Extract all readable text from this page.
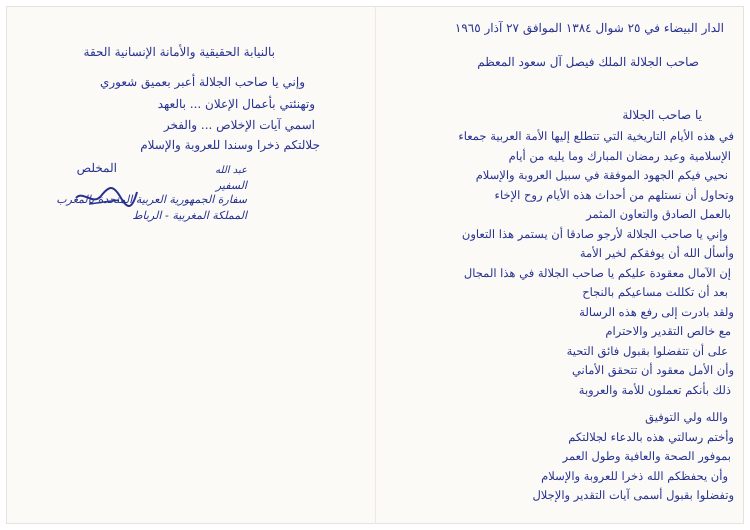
بالنيابة الحقيقية والأمانة الإنسانية الحقة
وإني يا صاحب الجلالة أعبر بعميق شعوري
وتهنئتي بأعمال الإعلان ... بالعهد
اسمي آيات الإخلاص ... والفخر
جلالتكم ذخرا وسندا للعروبة والإسلام
المخلص	عبد الله
السفير
سفارة الجمهورية العربية المتحدة بالمغرب
المملكة المغربية - الرباط
الدار البيضاء في ٢٥ شوال ١٣٨٤ الموافق ٢٧ آذار ١٩٦٥
صاحب الجلالة الملك فيصل آل سعود المعظم
يا صاحب الجلالة
في هذه الأيام التاريخية التي تتطلع إليها الأمة العربية جمعاء
الإسلامية وعيد رمضان المبارك وما يليه من أيام
نحيي فيكم الجهود الموفقة في سبيل العروبة والإسلام
وتحاول أن نستلهم من أحداث هذه الأيام روح الإخاء
بالعمل الصادق والتعاون المثمر
وإني يا صاحب الجلالة لأرجو صادقا أن يستمر هذا التعاون
وأسأل الله أن يوفقكم لخير الأمة
إن الآمال معقودة عليكم يا صاحب الجلالة في هذا المجال
بعد أن تكللت مساعيكم بالنجاح
ولقد بادرت إلى رفع هذه الرسالة
مع خالص التقدير والاحترام
على أن تتفضلوا بقبول فائق التحية
وأن الأمل معقود أن تتحقق الأماني
ذلك بأنكم تعملون للأمة والعروبة
والله ولي التوفيق
وأختم رسالتي هذه بالدعاء لجلالتكم
بموفور الصحة والعافية وطول العمر
وأن يحفظكم الله ذخرا للعروبة والإسلام
وتفضلوا بقبول أسمى آيات التقدير والإجلال
